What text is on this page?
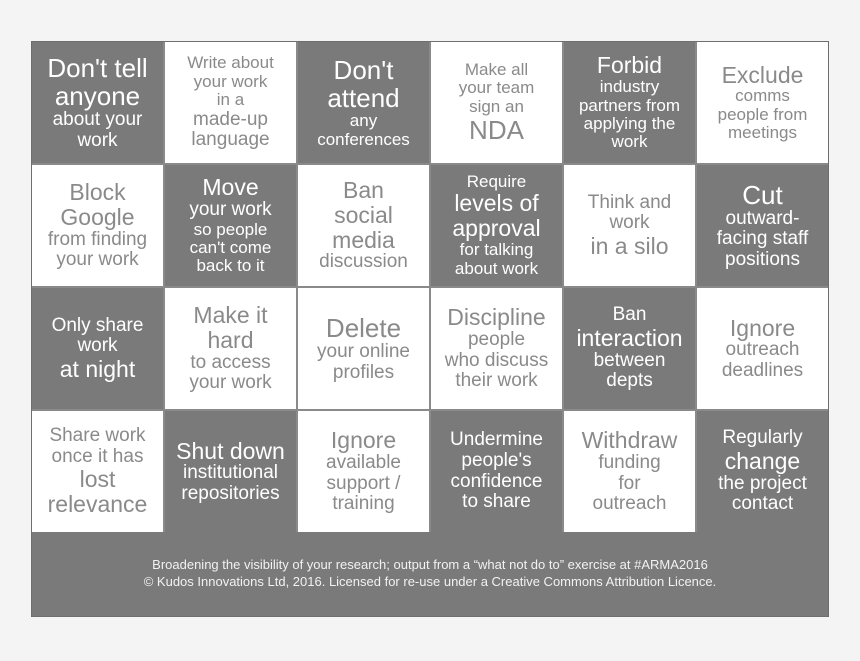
Don't tell
anyone
about your
work
Write about
your work
in a
made-up
language
Don't
attend
any
conferences
Make all
your team
sign an
NDA
Forbid
industry
partners from
applying the
work
Exclude
comms
people from
meetings
Block
Google
from finding
your work
Move
your work
so people
can't come
back to it
Ban
social
media
discussion
Require
levels of
approval
for talking
about work
Think and
work
in a silo
Cut
outward-
facing staff
positions
Only share
work
at night
Make it
hard
to access
your work
Delete
your online
profiles
Discipline
people
who discuss
their work
Ban
interaction
between
depts
Ignore
outreach
deadlines
Share work
once it has
lost
relevance
Shut down
institutional
repositories
Ignore
available
support /
training
Undermine
people's
confidence
to share
Withdraw
funding
for
outreach
Regularly
change
the project
contact
Broadening the visibility of your research; output from a “what not do to” exercise at #ARMA2016
© Kudos Innovations Ltd, 2016. Licensed for re-use under a Creative Commons Attribution Licence.
